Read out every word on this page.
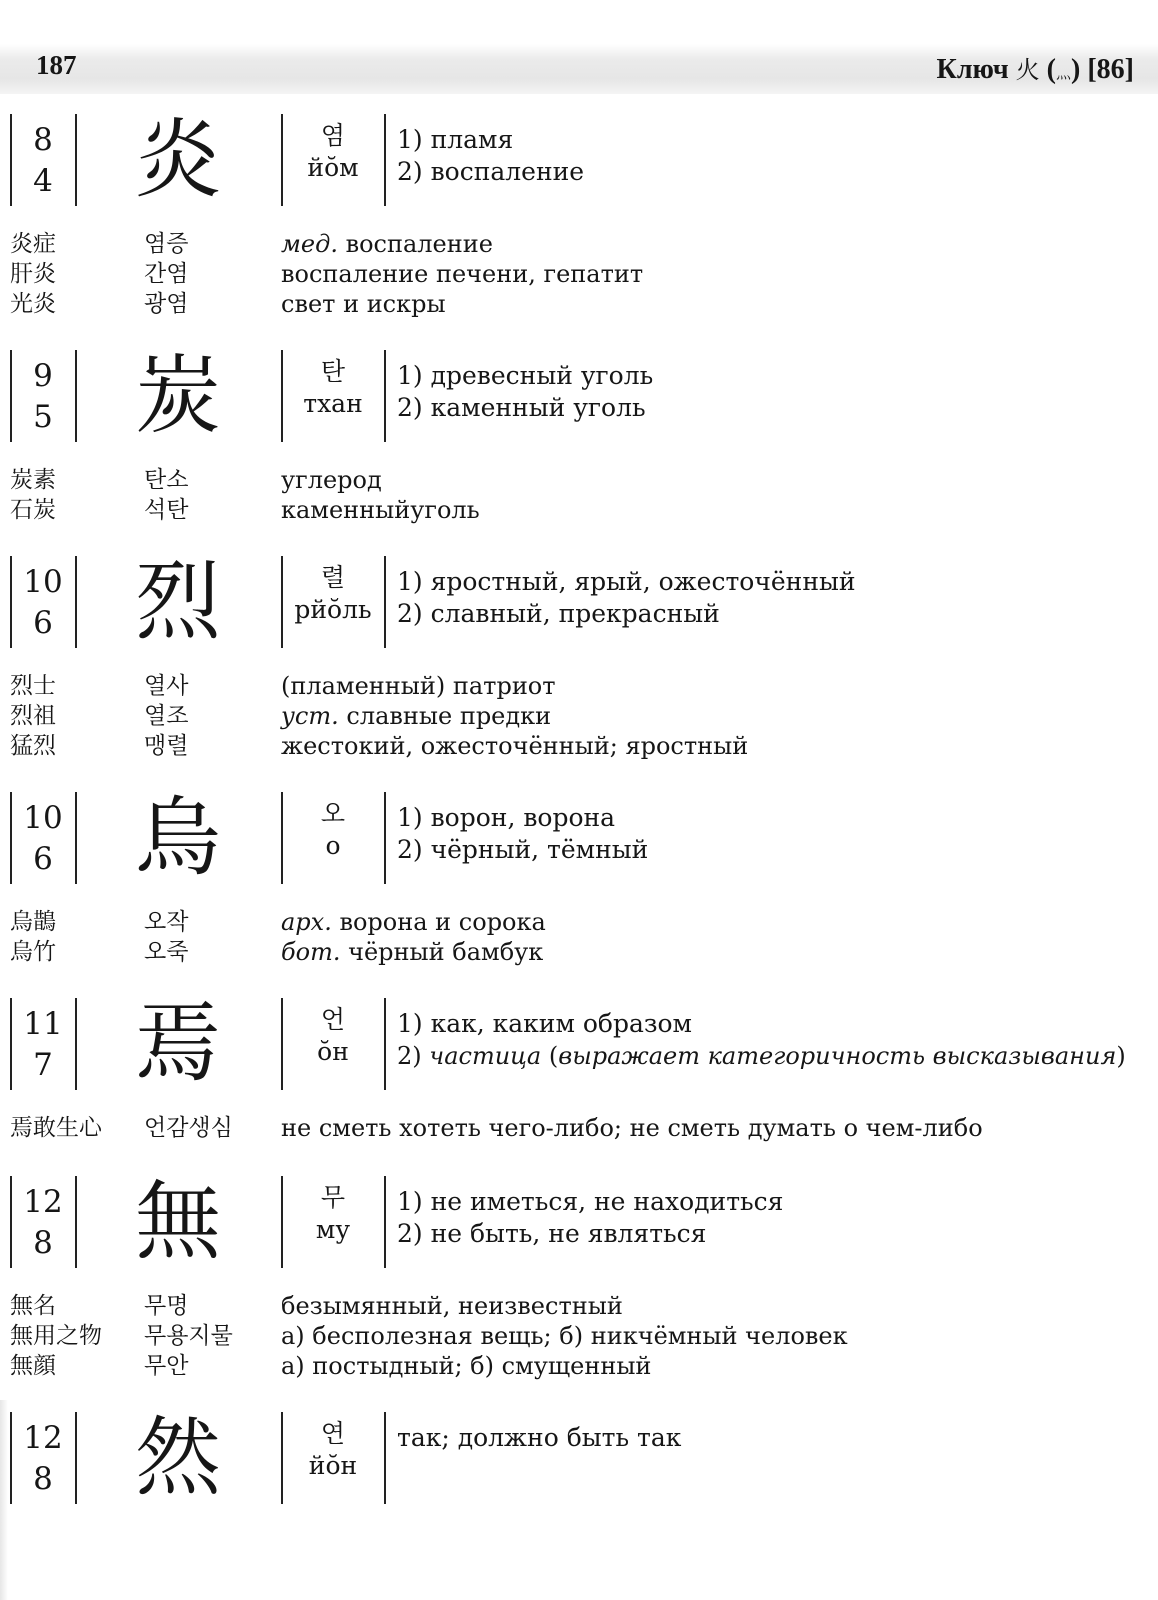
187	Ключ 火 (灬) [86]
8
4 炎	염
йŏм
1) пламя
2) воспаление
炎症	염증	мед. воспаление
肝炎	간염	воспаление печени, гепатит
光炎	광염	свет и искры
9
5 炭	탄
тхан
1) древесный уголь
2) каменный уголь
炭素	탄소	углерод
石炭	석탄	каменныйуголь
10
6 烈	렬
рйŏль
1) яростный, ярый, ожесточённый
2) славный, прекрасный
烈士	열사	(пламенный) патриот
烈祖	열조	уст. славные предки
猛烈	맹렬	жестокий, ожесточённый; яростный
10
6 烏	오
о
1) ворон, ворона
2) чёрный, тёмный
烏鵲	오작	арх. ворона и сорока
烏竹	오죽	бот. чёрный бамбук
11
7 焉	언
ŏн
1) как, каким образом
2) частица (выражает категоричность высказывания)
焉敢生心 언감생심 не сметь хотеть чего-либо; не сметь думать о чем-либо
12
8 無	무
му
1) не иметься, не находиться
2) не быть, не являться
無名	무명	безымянный, неизвестный
無用之物 무용지물 а) бесполезная вещь; б) никчёмный человек
無顔	무안	а) постыдный; б) смущенный
12
8 然	연
йŏн
так; должно быть так
